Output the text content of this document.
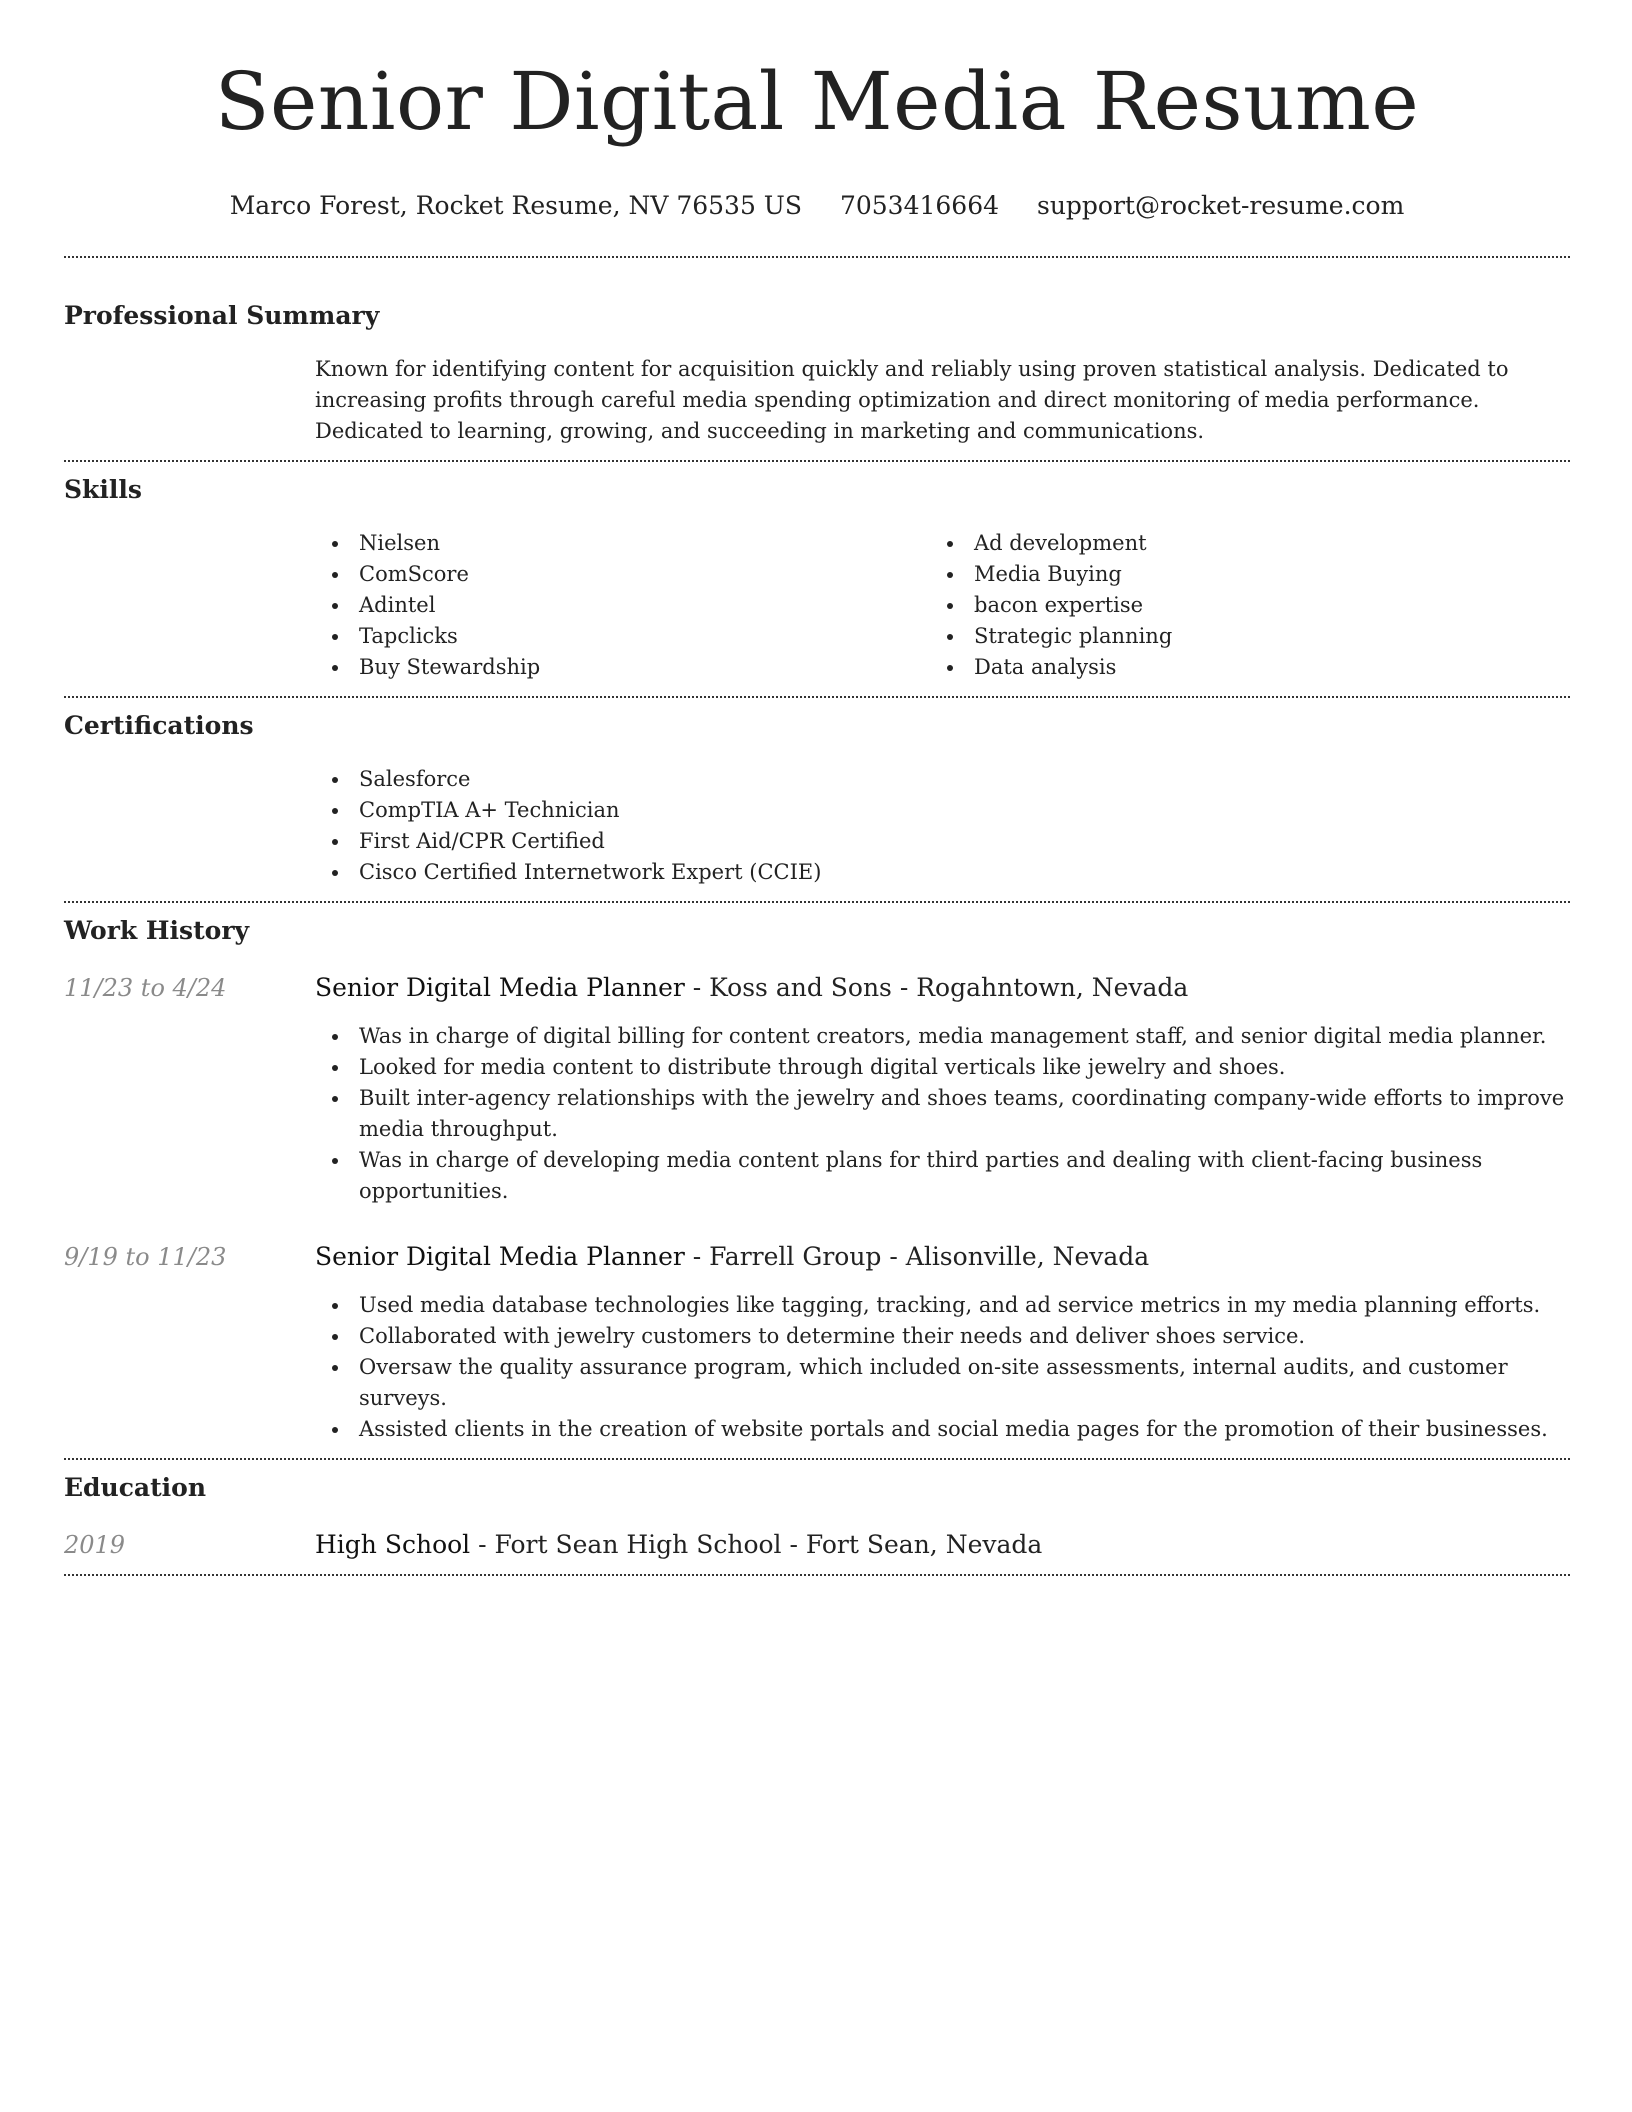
Senior Digital Media Resume
Marco Forest, Rocket Resume, NV 76535 US 7053416664 support@rocket-resume.com
Professional Summary

Known for identifying content for acquisition quickly and reliably using proven statistical analysis. Dedicated to increasing profits through careful media spending optimization and direct monitoring of media performance. Dedicated to learning, growing, and succeeding in marketing and communications.

Skills
Nielsen
ComScore
Adintel
Tapclicks
Buy Stewardship
Ad development
Media Buying
bacon expertise
Strategic planning
Data analysis
Certifications
Salesforce
CompTIA A+ Technician
First Aid/CPR Certified
Cisco Certified Internetwork Expert (CCIE)
Work History
11/23 to 4/24	Senior Digital Media Planner - Koss and Sons - Rogahntown, Nevada
Was in charge of digital billing for content creators, media management staff, and senior digital media planner.
Looked for media content to distribute through digital verticals like jewelry and shoes.
Built inter-agency relationships with the jewelry and shoes teams, coordinating company-wide efforts to improve media throughput.
Was in charge of developing media content plans for third parties and dealing with client-facing business opportunities.
9/19 to 11/23	Senior Digital Media Planner - Farrell Group - Alisonville, Nevada
Used media database technologies like tagging, tracking, and ad service metrics in my media planning efforts.
Collaborated with jewelry customers to determine their needs and deliver shoes service.
Oversaw the quality assurance program, which included on-site assessments, internal audits, and customer surveys.
Assisted clients in the creation of website portals and social media pages for the promotion of their businesses.
Education
2019	High School - Fort Sean High School - Fort Sean, Nevada
